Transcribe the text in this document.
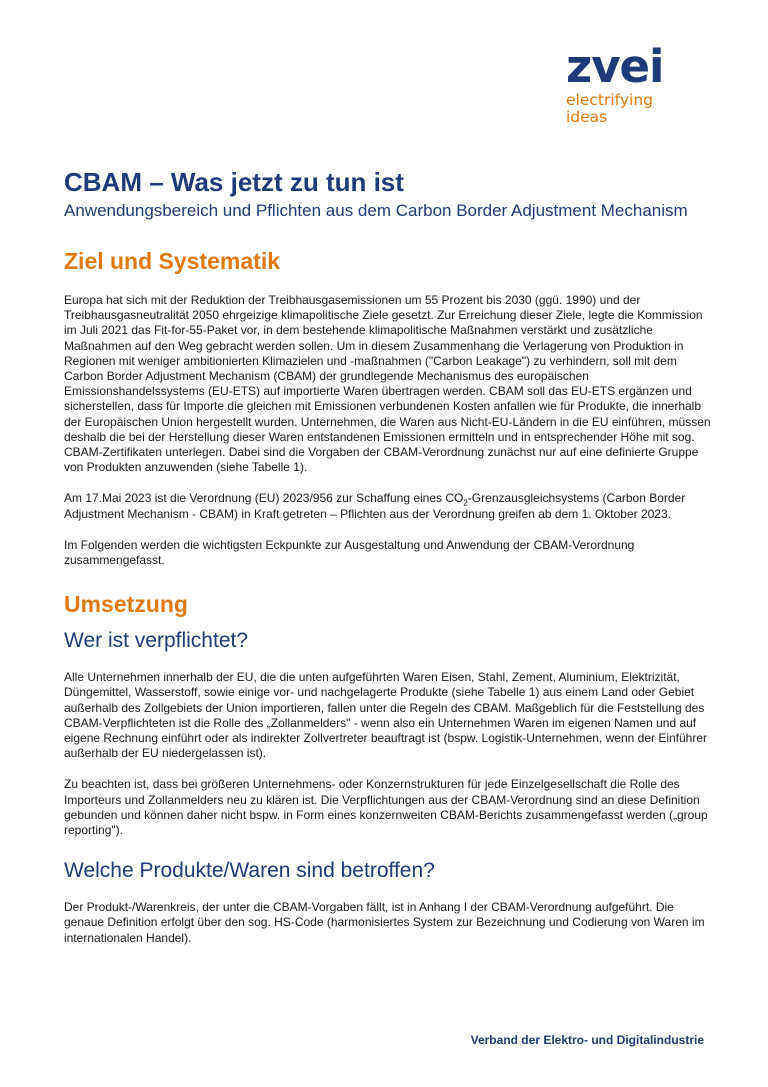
zvei
electrifying
ideas
CBAM – Was jetzt zu tun ist
Anwendungsbereich und Pflichten aus dem Carbon Border Adjustment Mechanism
Ziel und Systematik

Europa hat sich mit der Reduktion der Treibhausgasemissionen um 55 Prozent bis 2030 (ggü. 1990) und der Treibhausgasneutralität 2050 ehrgeizige klimapolitische Ziele gesetzt. Zur Erreichung dieser Ziele, legte die Kommission im Juli 2021 das Fit-for-55-Paket vor, in dem bestehende klimapolitische Maßnahmen verstärkt und zusätzliche Maßnahmen auf den Weg gebracht werden sollen. Um in diesem Zusammenhang die Verlagerung von Produktion in Regionen mit weniger ambitionierten Klimazielen und -maßnahmen ("Carbon Leakage") zu verhindern, soll mit dem Carbon Border Adjustment Mechanism (CBAM) der grundlegende Mechanismus des europäischen Emissionshandelssystems (EU-ETS) auf importierte Waren übertragen werden. CBAM soll das EU-ETS ergänzen und sicherstellen, dass für Importe die gleichen mit Emissionen verbundenen Kosten anfallen wie für Produkte, die innerhalb der Europäischen Union hergestellt wurden. Unternehmen, die Waren aus Nicht-EU-Ländern in die EU einführen, müssen deshalb die bei der Herstellung dieser Waren entstandenen Emissionen ermitteln und in entsprechender Höhe mit sog. CBAM-Zertifikaten unterlegen. Dabei sind die Vorgaben der CBAM-Verordnung zunächst nur auf eine definierte Gruppe von Produkten anzuwenden (siehe Tabelle 1).

Am 17.Mai 2023 ist die Verordnung (EU) 2023/956 zur Schaffung eines $CO_2$-Grenzausgleichsystems (Carbon Border Adjustment Mechanism - CBAM) in Kraft getreten – Pflichten aus der Verordnung greifen ab dem 1. Oktober 2023.

Im Folgenden werden die wichtigsten Eckpunkte zur Ausgestaltung und Anwendung der CBAM-Verordnung zusammengefasst.

Umsetzung
Wer ist verpflichtet?

Alle Unternehmen innerhalb der EU, die die unten aufgeführten Waren Eisen, Stahl, Zement, Aluminium, Elektrizität, Düngemittel, Wasserstoff, sowie einige vor- und nachgelagerte Produkte (siehe Tabelle 1) aus einem Land oder Gebiet außerhalb des Zollgebiets der Union importieren, fallen unter die Regeln des CBAM. Maßgeblich für die Feststellung des CBAM-Verpflichteten ist die Rolle des „Zollanmelders" - wenn also ein Unternehmen Waren im eigenen Namen und auf eigene Rechnung einführt oder als indirekter Zollvertreter beauftragt ist (bspw. Logistik-Unternehmen, wenn der Einführer außerhalb der EU niedergelassen ist).

Zu beachten ist, dass bei größeren Unternehmens- oder Konzernstrukturen für jede Einzelgesellschaft die Rolle des Importeurs und Zollanmelders neu zu klären ist. Die Verpflichtungen aus der CBAM-Verordnung sind an diese Definition gebunden und können daher nicht bspw. in Form eines konzernweiten CBAM-Berichts zusammengefasst werden („group reporting").

Welche Produkte/Waren sind betroffen?

Der Produkt-/Warenkreis, der unter die CBAM-Vorgaben fällt, ist in Anhang I der CBAM-Verordnung aufgeführt. Die genaue Definition erfolgt über den sog. HS-Code (harmonisiertes System zur Bezeichnung und Codierung von Waren im internationalen Handel).

Verband der Elektro- und Digitalindustrie
